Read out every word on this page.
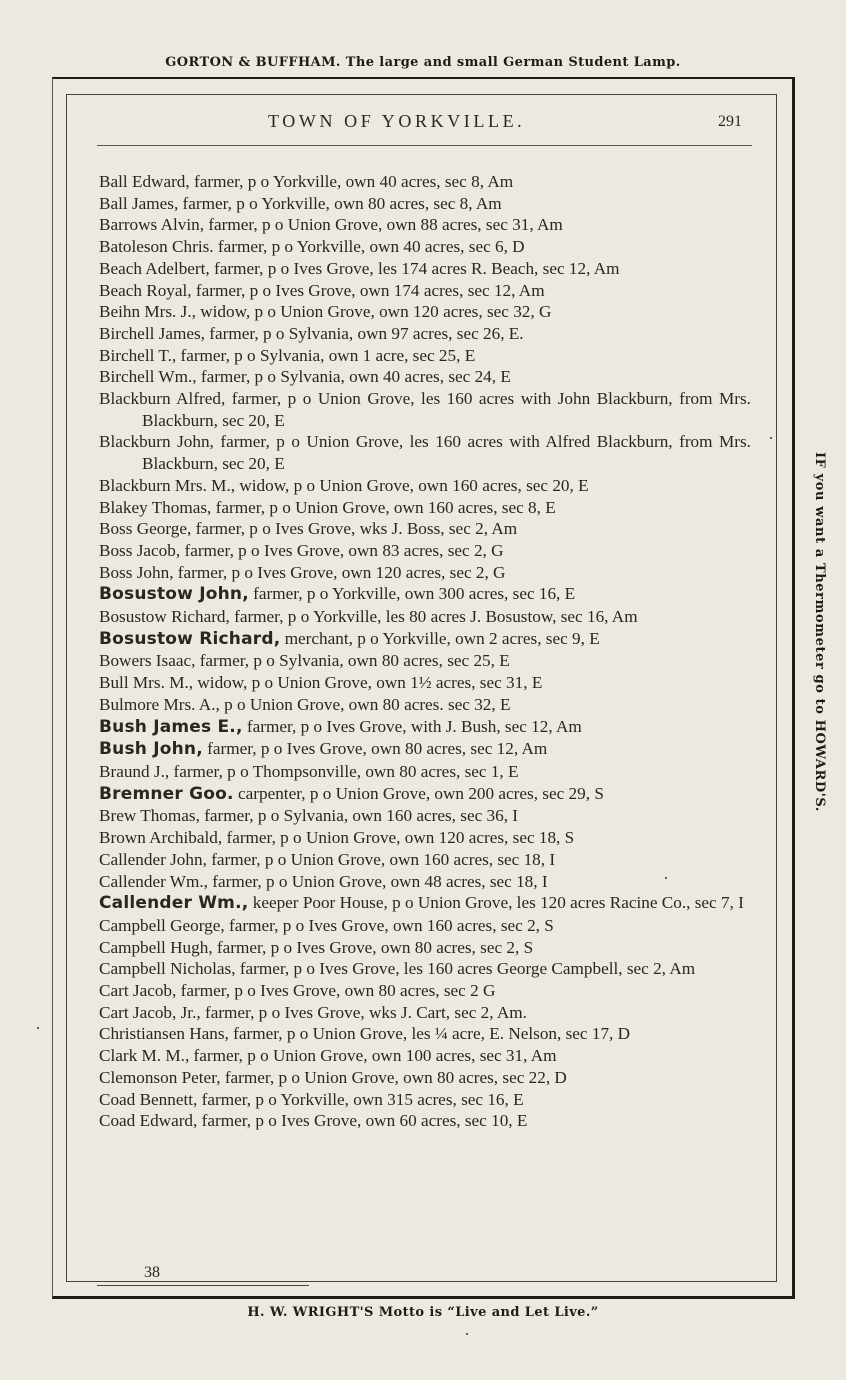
GORTON & BUFFHAM. The large and small German Student Lamp.
TOWN OF YORKVILLE.	291
Ball Edward, farmer, p o Yorkville, own 40 acres, sec 8, Am
Ball James, farmer, p o Yorkville, own 80 acres, sec 8, Am
Barrows Alvin, farmer, p o Union Grove, own 88 acres, sec 31, Am
Batoleson Chris. farmer, p o Yorkville, own 40 acres, sec 6, D
Beach Adelbert, farmer, p o Ives Grove, les 174 acres R. Beach, sec 12, Am
Beach Royal, farmer, p o Ives Grove, own 174 acres, sec 12, Am
Beihn Mrs. J., widow, p o Union Grove, own 120 acres, sec 32, G
Birchell James, farmer, p o Sylvania, own 97 acres, sec 26, E.
Birchell T., farmer, p o Sylvania, own 1 acre, sec 25, E
Birchell Wm., farmer, p o Sylvania, own 40 acres, sec 24, E
Blackburn Alfred, farmer, p o Union Grove, les 160 acres with John Blackburn, from Mrs. Blackburn, sec 20, E
Blackburn John, farmer, p o Union Grove, les 160 acres with Alfred Blackburn, from Mrs. Blackburn, sec 20, E
Blackburn Mrs. M., widow, p o Union Grove, own 160 acres, sec 20, E
Blakey Thomas, farmer, p o Union Grove, own 160 acres, sec 8, E
Boss George, farmer, p o Ives Grove, wks J. Boss, sec 2, Am
Boss Jacob, farmer, p o Ives Grove, own 83 acres, sec 2, G
Boss John, farmer, p o Ives Grove, own 120 acres, sec 2, G
Bosustow John, farmer, p o Yorkville, own 300 acres, sec 16, E
Bosustow Richard, farmer, p o Yorkville, les 80 acres J. Bosustow, sec 16, Am
Bosustow Richard, merchant, p o Yorkville, own 2 acres, sec 9, E
Bowers Isaac, farmer, p o Sylvania, own 80 acres, sec 25, E
Bull Mrs. M., widow, p o Union Grove, own 1½ acres, sec 31, E
Bulmore Mrs. A., p o Union Grove, own 80 acres. sec 32, E
Bush James E., farmer, p o Ives Grove, with J. Bush, sec 12, Am
Bush John, farmer, p o Ives Grove, own 80 acres, sec 12, Am
Braund J., farmer, p o Thompsonville, own 80 acres, sec 1, E
Bremner Goo. carpenter, p o Union Grove, own 200 acres, sec 29, S
Brew Thomas, farmer, p o Sylvania, own 160 acres, sec 36, I
Brown Archibald, farmer, p o Union Grove, own 120 acres, sec 18, S
Callender John, farmer, p o Union Grove, own 160 acres, sec 18, I
Callender Wm., farmer, p o Union Grove, own 48 acres, sec 18, I
Callender Wm., keeper Poor House, p o Union Grove, les 120 acres Racine Co., sec 7, I
Campbell George, farmer, p o Ives Grove, own 160 acres, sec 2, S
Campbell Hugh, farmer, p o Ives Grove, own 80 acres, sec 2, S
Campbell Nicholas, farmer, p o Ives Grove, les 160 acres George Campbell, sec 2, Am
Cart Jacob, farmer, p o Ives Grove, own 80 acres, sec 2 G
Cart Jacob, Jr., farmer, p o Ives Grove, wks J. Cart, sec 2, Am.
Christiansen Hans, farmer, p o Union Grove, les ¼ acre, E. Nelson, sec 17, D
Clark M. M., farmer, p o Union Grove, own 100 acres, sec 31, Am
Clemonson Peter, farmer, p o Union Grove, own 80 acres, sec 22, D
Coad Bennett, farmer, p o Yorkville, own 315 acres, sec 16, E
Coad Edward, farmer, p o Ives Grove, own 60 acres, sec 10, E
38
IF you want a Thermometer go to HOWARD'S.
H. W. WRIGHT'S Motto is “Live and Let Live.”
